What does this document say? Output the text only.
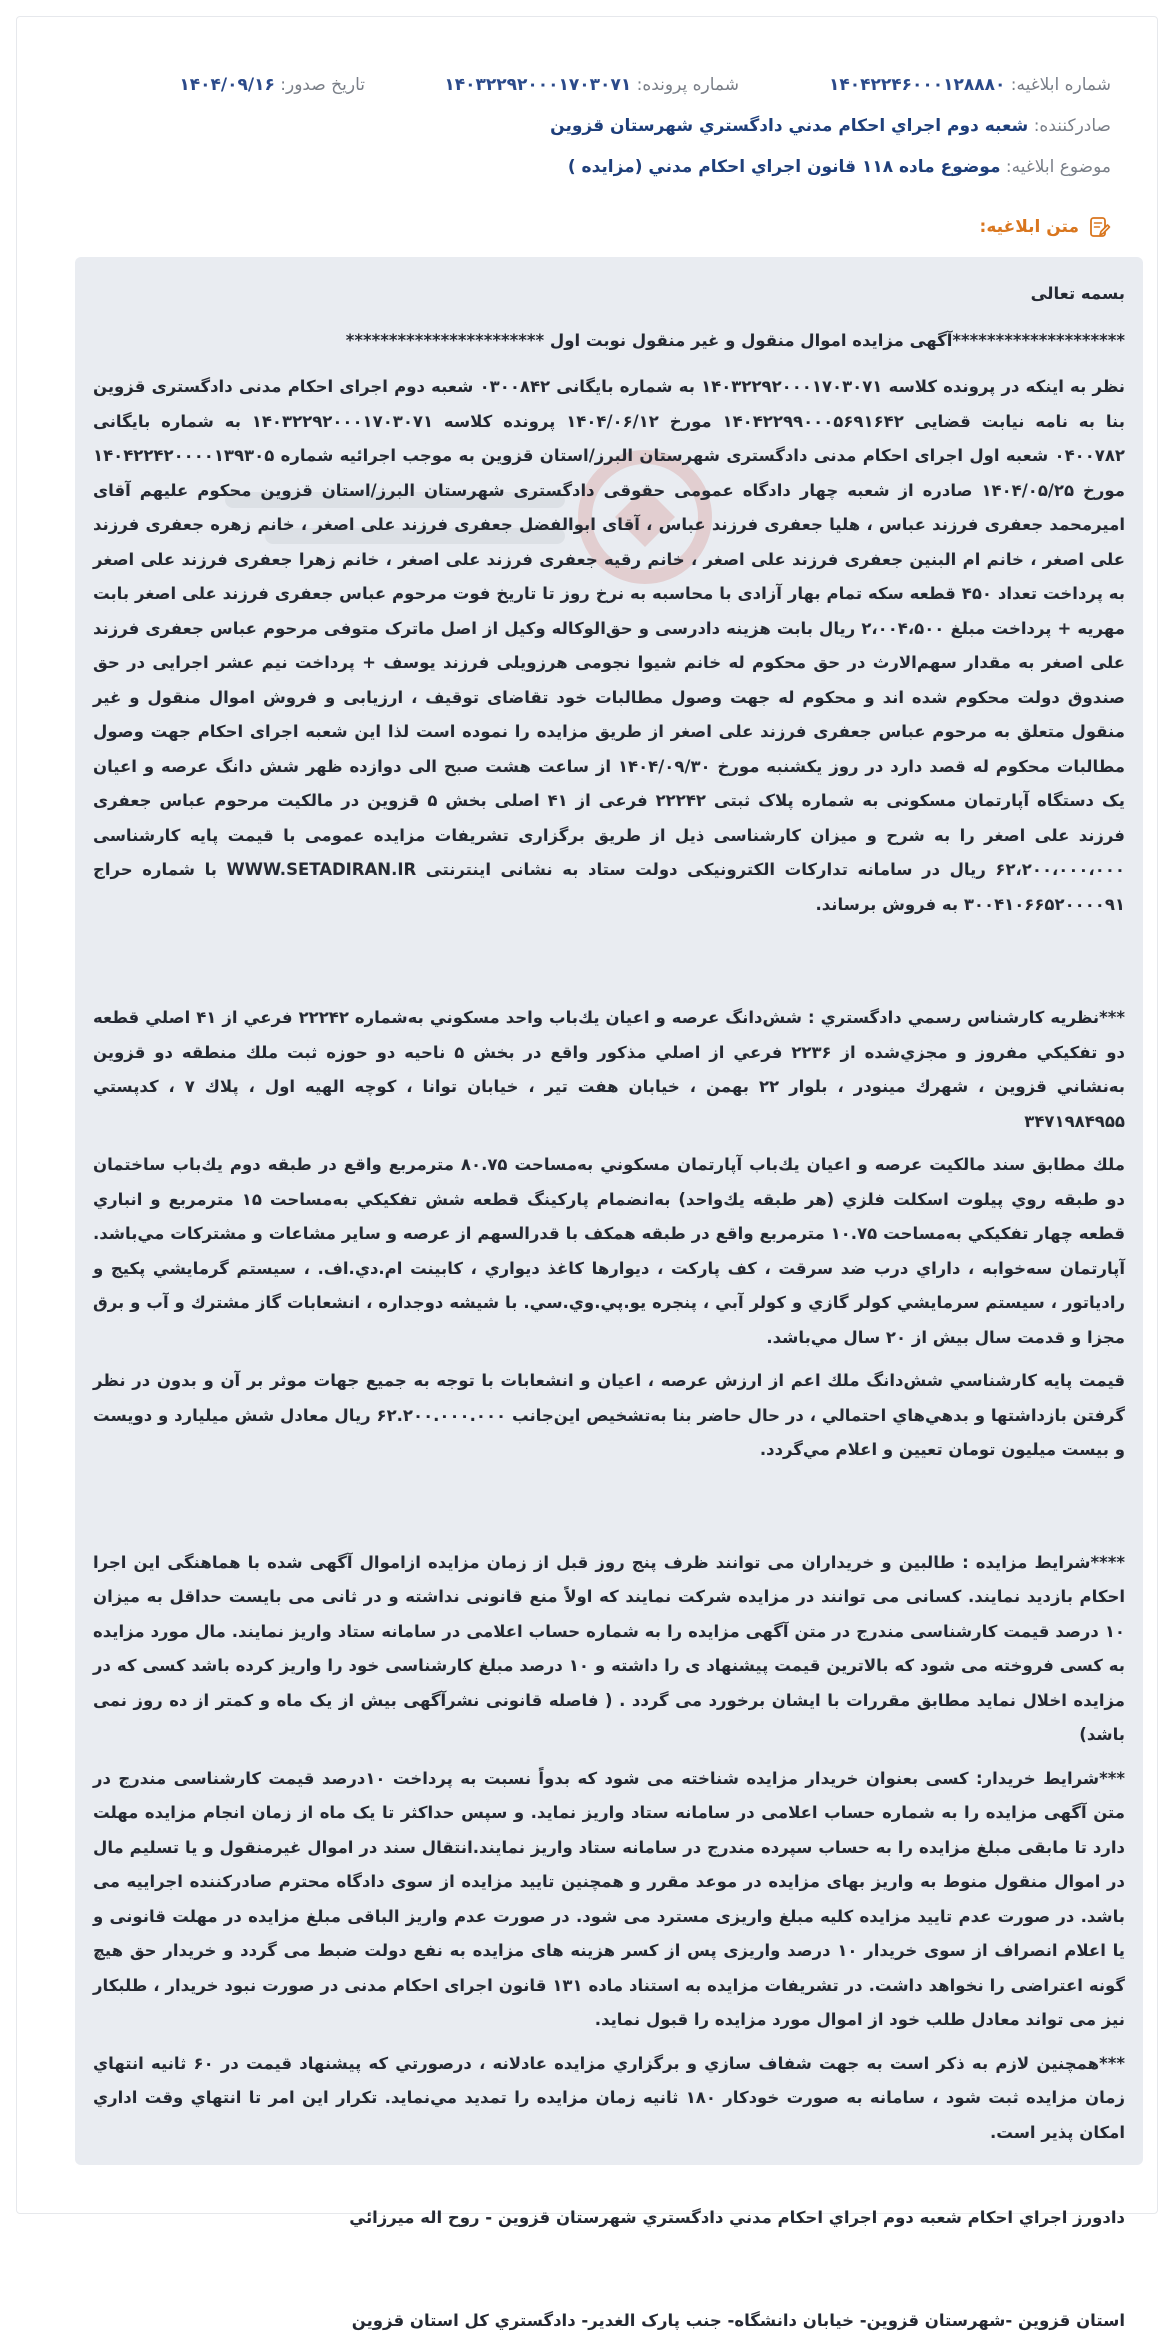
شماره ابلاغیه: ۱۴۰۴۲۲۴۶۰۰۰۱۲۸۸۸۰
شماره پرونده: ۱۴۰۳۲۲۹۲۰۰۰۱۷۰۳۰۷۱
تاریخ صدور: ۱۴۰۴/۰۹/۱۶
صادرکننده: شعبه دوم اجراي احكام مدني دادگستري شهرستان قزوين
موضوع ابلاغیه: موضوع ماده ۱۱۸ قانون اجراي احكام مدني (مزايده )
متن ابلاغیه:

بسمه تعالی

********************آگهی مزایده اموال منقول و غیر منقول نوبت اول ***********************

نظر به اینکه در پرونده کلاسه ۱۴۰۳۲۲۹۲۰۰۰۱۷۰۳۰۷۱ به شماره بایگانی ۰۳۰۰۸۴۲ شعبه دوم اجرای احکام مدنی دادگستری قزوین بنا به نامه نیابت قضایی ۱۴۰۴۲۲۹۹۰۰۰۵۶۹۱۶۴۲ مورخ ۱۴۰۴/۰۶/۱۲ پرونده کلاسه ۱۴۰۳۲۲۹۲۰۰۰۱۷۰۳۰۷۱ به شماره بایگانی ۰۴۰۰۷۸۲ شعبه اول اجرای احکام مدنی دادگستری شهرستان البرز/استان قزوین به موجب اجرائیه شماره ۱۴۰۴۲۲۴۲۰۰۰۰۱۳۹۳۰۵ مورخ ۱۴۰۴/۰۵/۲۵ صادره از شعبه چهار دادگاه عمومی حقوقی دادگستری شهرستان البرز/استان قزوین محکوم علیهم آقای امیرمحمد جعفری فرزند عباس ، هلیا جعفری فرزند عباس ، آقای ابوالفضل جعفری فرزند علی اصغر ، خانم زهره جعفری فرزند علی اصغر ، خانم ام البنین جعفری فرزند علی اصغر ، خانم رقیه جعفری فرزند علی اصغر ، خانم زهرا جعفری فرزند علی اصغر به پرداخت تعداد ۴۵۰ قطعه سکه تمام بهار آزادی با محاسبه به نرخ روز تا تاریخ فوت مرحوم عباس جعفری فرزند علی اصغر بابت مهریه + پرداخت مبلغ ۲،۰۰۴،۵۰۰ ریال بابت هزینه دادرسی و حق‌الوکاله وکیل از اصل ماترک متوفی مرحوم عباس جعفری فرزند علی اصغر به مقدار سهم‌الارث در حق محکوم له خانم شیوا نجومی هرزویلی فرزند یوسف + پرداخت نیم عشر اجرایی در حق صندوق دولت محکوم شده اند و محکوم له جهت وصول مطالبات خود تقاضای توقیف ، ارزیابی و فروش اموال منقول و غیر منقول متعلق به مرحوم عباس جعفری فرزند علی اصغر از طریق مزایده را نموده است لذا این شعبه اجرای احکام جهت وصول مطالبات محکوم له قصد دارد در روز یکشنبه مورخ ۱۴۰۴/۰۹/۳۰ از ساعت هشت صبح الی دوازده ظهر شش دانگ عرصه و اعیان یک دستگاه آپارتمان مسکونی به شماره پلاک ثبتی ۲۲۲۴۲ فرعی از ۴۱ اصلی بخش ۵ قزوین در مالکیت مرحوم عباس جعفری فرزند علی اصغر را به شرح و میزان کارشناسی ذیل از طریق برگزاری تشریفات مزایده عمومی با قیمت پایه کارشناسی ۶۲،۲۰۰،۰۰۰،۰۰۰ ریال در سامانه تدارکات الکترونیکی دولت ستاد به نشانی اینترنتی WWW.SETADIRAN.IR با شماره حراج ۳۰۰۴۱۰۶۶۵۲۰۰۰۰۹۱ به فروش برساند.

***نظريه كارشناس رسمي دادگستري : شش‌دانگ عرصه و اعيان يك‌باب واحد مسكوني به‌شماره ۲۲۲۴۲ فرعي از ۴۱ اصلي قطعه دو تفكيكي مفروز و مجزي‌شده از ۲۲۳۶ فرعي از اصلي مذكور واقع در بخش ۵ ناحيه دو حوزه ثبت ملك منطقه دو قزوين به‌نشاني قزوين ، شهرك مينودر ، بلوار ۲۲ بهمن ، خيابان هفت تير ، خيابان توانا ، كوچه الهيه اول ، پلاك ۷ ، كدپستي ۳۴۷۱۹۸۴۹۵۵

ملك مطابق سند مالكيت عرصه و اعيان يك‌باب آپارتمان مسكوني به‌مساحت ۸۰.۷۵ مترمربع واقع در طبقه دوم يك‌باب ساختمان دو طبقه روي پيلوت اسكلت فلزي (هر طبقه يك‌واحد) به‌انضمام پاركينگ قطعه شش تفكيكي به‌مساحت ۱۵ مترمربع و انباري قطعه چهار تفكيكي به‌مساحت ۱۰.۷۵ مترمربع واقع در طبقه همكف با قدرالسهم از عرصه و ساير مشاعات و مشتركات مي‌باشد. آپارتمان سه‌خوابه ، داراي درب ضد سرقت ، كف پاركت ، ديوارها كاغذ ديواري ، كابينت ام.دي.اف. ، سيستم گرمايشي پكيج و رادياتور ، سيستم سرمايشي كولر گازي و كولر آبي ، پنجره يو.پي.وي.سي. با شيشه دوجداره ، انشعابات گاز مشترك و آب و برق مجزا و قدمت سال بيش از ۲۰ سال مي‌باشد.

قيمت پايه كارشناسي شش‌دانگ ملك اعم از ارزش عرصه ، اعيان و انشعابات با توجه به جميع جهات موثر بر آن و بدون در نظر گرفتن بازداشتها و بدهي‌هاي احتمالي ، در حال حاضر بنا به‌تشخيص اين‌جانب ۶۲.۲۰۰.۰۰۰.۰۰۰ ريال معادل شش ميليارد و دويست و بيست ميليون تومان تعيين و اعلام مي‌گردد.

****شرایط مزایده : طالبین و خریداران می توانند ظرف پنج روز قبل از زمان مزایده ازاموال آگهی شده با هماهنگی این اجرا احکام بازدید نمایند. کسانی می توانند در مزایده شرکت نمایند که اولاً منع قانونی نداشته و در ثانی می بایست حداقل به میزان ۱۰ درصد قیمت کارشناسی مندرج در متن آگهی مزایده را به شماره حساب اعلامی در سامانه ستاد واریز نمایند. مال مورد مزایده به کسی فروخته می شود که بالاترین قیمت پیشنهاد ی را داشته و ۱۰ درصد مبلغ کارشناسی خود را واریز کرده باشد کسی که در مزایده اخلال نماید مطابق مقررات با ایشان برخورد می گردد . ( فاصله قانونی نشرآگهی بیش از یک ماه و کمتر از ده روز نمی باشد)

***شرایط خریدار: کسی بعنوان خریدار مزایده شناخته می شود که بدواً نسبت به پرداخت ۱۰درصد قیمت کارشناسی مندرج در متن آگهی مزایده را به شماره حساب اعلامی در سامانه ستاد واریز نماید. و سپس حداکثر تا یک ماه از زمان انجام مزایده مهلت دارد تا مابقی مبلغ مزایده را به حساب سپرده مندرج در سامانه ستاد واریز نمایند.انتقال سند در اموال غیرمنقول و یا تسلیم مال در اموال منقول منوط به واریز بهای مزایده در موعد مقرر و همچنین تایید مزایده از سوی دادگاه محترم صادرکننده اجراییه می باشد. در صورت عدم تایید مزایده کلیه مبلغ واریزی مسترد می شود. در صورت عدم واریز الباقی مبلغ مزایده در مهلت قانونی و یا اعلام انصراف از سوی خریدار ۱۰ درصد واریزی پس از کسر هزینه های مزایده به نفع دولت ضبط می گردد و خریدار حق هیچ گونه اعتراضی را نخواهد داشت. در تشریفات مزایده به استناد ماده ۱۳۱ قانون اجرای احکام مدنی در صورت نبود خریدار ، طلبکار نیز می تواند معادل طلب خود از اموال مورد مزایده را قبول نماید.

***همچنین لازم به ذکر است به جهت شفاف سازي و برگزاري مزايده عادلانه ، درصورتي كه پيشنهاد قيمت در ۶۰ ثانيه انتهاي زمان مزايده ثبت شود ، سامانه به صورت خودكار ۱۸۰ ثانيه زمان مزايده را تمديد مي‌نمايد. تكرار اين امر تا انتهاي وقت اداري امكان پذير است.

دادورز اجراي احكام شعبه دوم اجراي احكام مدني دادگستري شهرستان قزوين - روح اله ميرزائي

استان قزوین -شهرستان قزوین- خیابان دانشگاه- جنب پارک الغدیر- دادگستري كل استان قزوين
